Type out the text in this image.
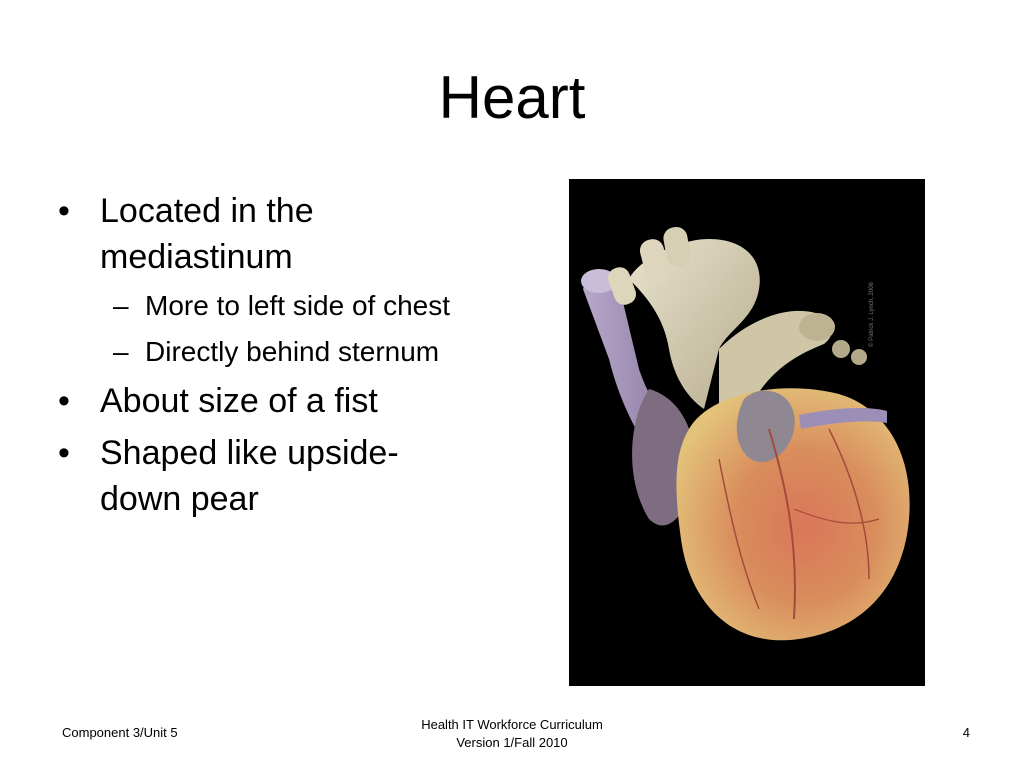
Heart
• Located in the mediastinum
– More to left side of chest
– Directly behind sternum
• About size of a fist
• Shaped like upside-down pear
© Patrick J. Lynch, 2006
Component 3/Unit 5
Health IT Workforce Curriculum
Version 1/Fall 2010
4
